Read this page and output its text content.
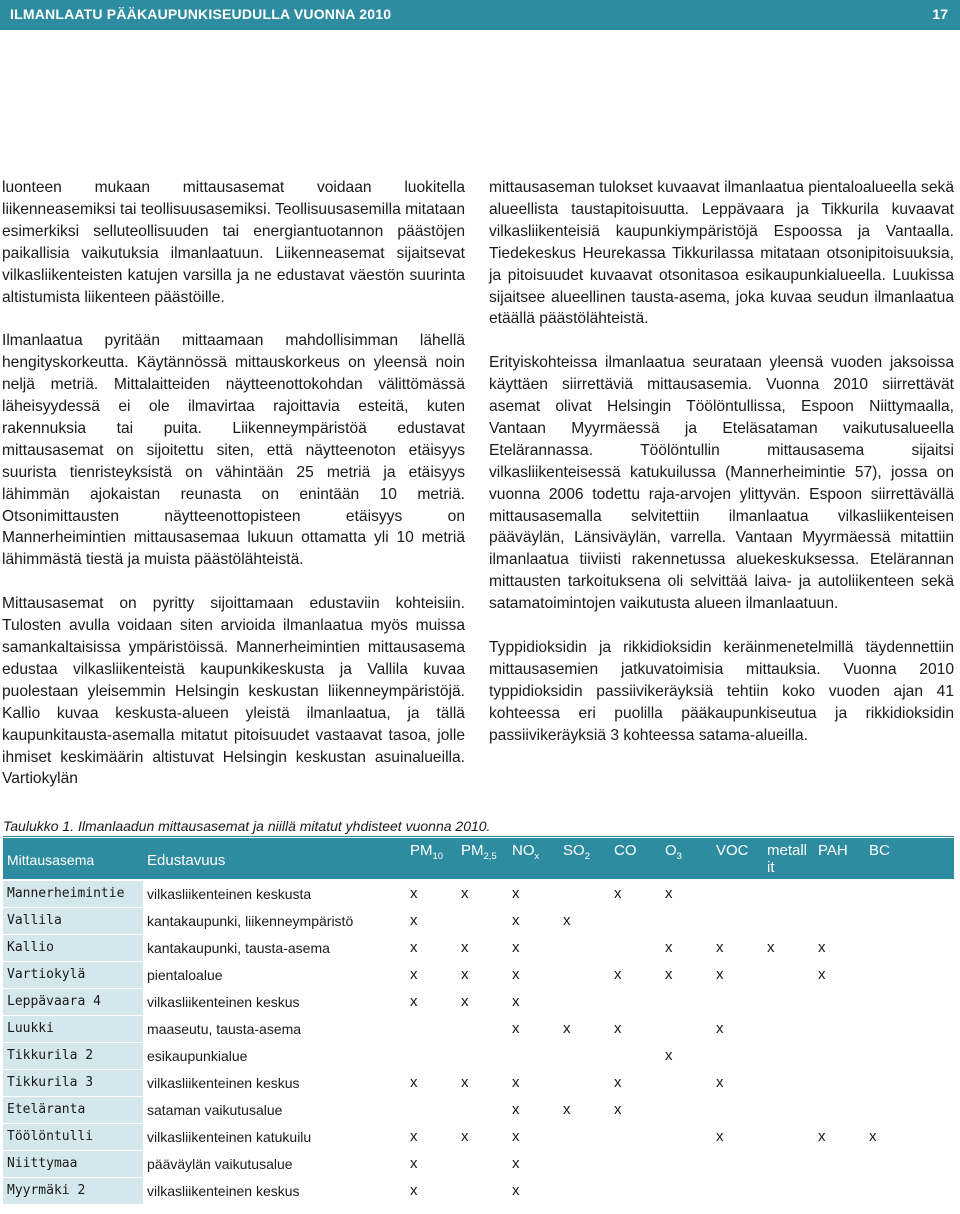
ILMANLAATU PÄÄKAUPUNKISEUDULLA VUONNA 2010	17

luonteen mukaan mittausasemat voidaan luokitella liikenneasemiksi tai teollisuusasemiksi. Teollisuusasemilla mitataan esimerkiksi selluteollisuuden tai energiantuotannon päästöjen paikallisia vaikutuksia ilmanlaatuun. Liikenneasemat sijaitsevat vilkasliikenteisten katujen varsilla ja ne edustavat väestön suurinta altistumista liikenteen päästöille.

Ilmanlaatua pyritään mittaamaan mahdollisimman lähellä hengityskorkeutta. Käytännössä mittauskorkeus on yleensä noin neljä metriä. Mittalaitteiden näytteenottokohdan välittömässä läheisyydessä ei ole ilmavirtaa rajoittavia esteitä, kuten rakennuksia tai puita. Liikenneympäristöä edustavat mittausasemat on sijoitettu siten, että näytteenoton etäisyys suurista tienristeyksistä on vähintään 25 metriä ja etäisyys lähimmän ajokaistan reunasta on enintään 10 metriä. Otsonimittausten näytteenottopisteen etäisyys on Mannerheimintien mittausasemaa lukuun ottamatta yli 10 metriä lähimmästä tiestä ja muista päästölähteistä.

Mittausasemat on pyritty sijoittamaan edustaviin kohteisiin. Tulosten avulla voidaan siten arvioida ilmanlaatua myös muissa samankaltaisissa ympäristöissä. Mannerheimintien mittausasema edustaa vilkasliikenteistä kaupunkikeskusta ja Vallila kuvaa puolestaan yleisemmin Helsingin keskustan liikenneympäristöjä. Kallio kuvaa keskusta-alueen yleistä ilmanlaatua, ja tällä kaupunkitausta-asemalla mitatut pitoisuudet vastaavat tasoa, jolle ihmiset keskimäärin altistuvat Helsingin keskustan asuinalueilla. Vartiokylän

mittausaseman tulokset kuvaavat ilmanlaatua pientaloalueella sekä alueellista taustapitoisuutta. Leppävaara ja Tikkurila kuvaavat vilkasliikenteisiä kaupunkiympäristöjä Espoossa ja Vantaalla. Tiedekeskus Heurekassa Tikkurilassa mitataan otsonipitoisuuksia, ja pitoisuudet kuvaavat otsonitasoa esikaupunkialueella. Luukissa sijaitsee alueellinen tausta-asema, joka kuvaa seudun ilmanlaatua etäällä päästölähteistä.

Erityiskohteissa ilmanlaatua seurataan yleensä vuoden jaksoissa käyttäen siirrettäviä mittausasemia. Vuonna 2010 siirrettävät asemat olivat Helsingin Töölöntullissa, Espoon Niittymaalla, Vantaan Myyrmäessä ja Eteläsataman vaikutusalueella Etelärannassa. Töölöntullin mittausasema sijaitsi vilkasliikenteisessä katukuilussa (Mannerheimintie 57), jossa on vuonna 2006 todettu raja-arvojen ylittyvän. Espoon siirrettävällä mittausasemalla selvitettiin ilmanlaatua vilkasliikenteisen pääväylän, Länsiväylän, varrella. Vantaan Myyrmäessä mitattiin ilmanlaatua tiiviisti rakennetussa aluekeskuksessa. Etelärannan mittausten tarkoituksena oli selvittää laiva- ja autoliikenteen sekä satamatoimintojen vaikutusta alueen ilmanlaatuun.

Typpidioksidin ja rikkidioksidin keräinmenetelmillä täydennettiin mittausasemien jatkuvatoimisia mittauksia. Vuonna 2010 typpidioksidin passiivikeräyksiä tehtiin koko vuoden ajan 41 kohteessa eri puolilla pääkaupunkiseutua ja rikkidioksidin passiivikeräyksiä 3 kohteessa satama-alueilla.

Taulukko 1. Ilmanlaadun mittausasemat ja niillä mitatut yhdisteet vuonna 2010.
Mittausasema	Edustavuus	$PM_{10}$	$PM_{2,5}$	$NO_x$	$SO_2$	CO	$O_3$	VOC	metallit	PAH	BC
Mannerheimintie	vilkasliikenteinen keskusta	x	x	x		x	x				
Vallila	kantakaupunki, liikenneympäristö	x		x	x						
Kallio	kantakaupunki, tausta-asema	x	x	x			x	x	x	x	
Vartiokylä	pientaloalue	x	x	x		x	x	x		x	
Leppävaara 4	vilkasliikenteinen keskus	x	x	x							
Luukki	maaseutu, tausta-asema			x	x	x		x			
Tikkurila 2	esikaupunkialue						x				
Tikkurila 3	vilkasliikenteinen keskus	x	x	x		x		x			
Eteläranta	sataman vaikutusalue			x	x	x					
Töölöntulli	vilkasliikenteinen katukuilu	x	x	x				x		x	x
Niittymaa	pääväylän vaikutusalue	x		x							
Myyrmäki 2	vilkasliikenteinen keskus	x		x							
